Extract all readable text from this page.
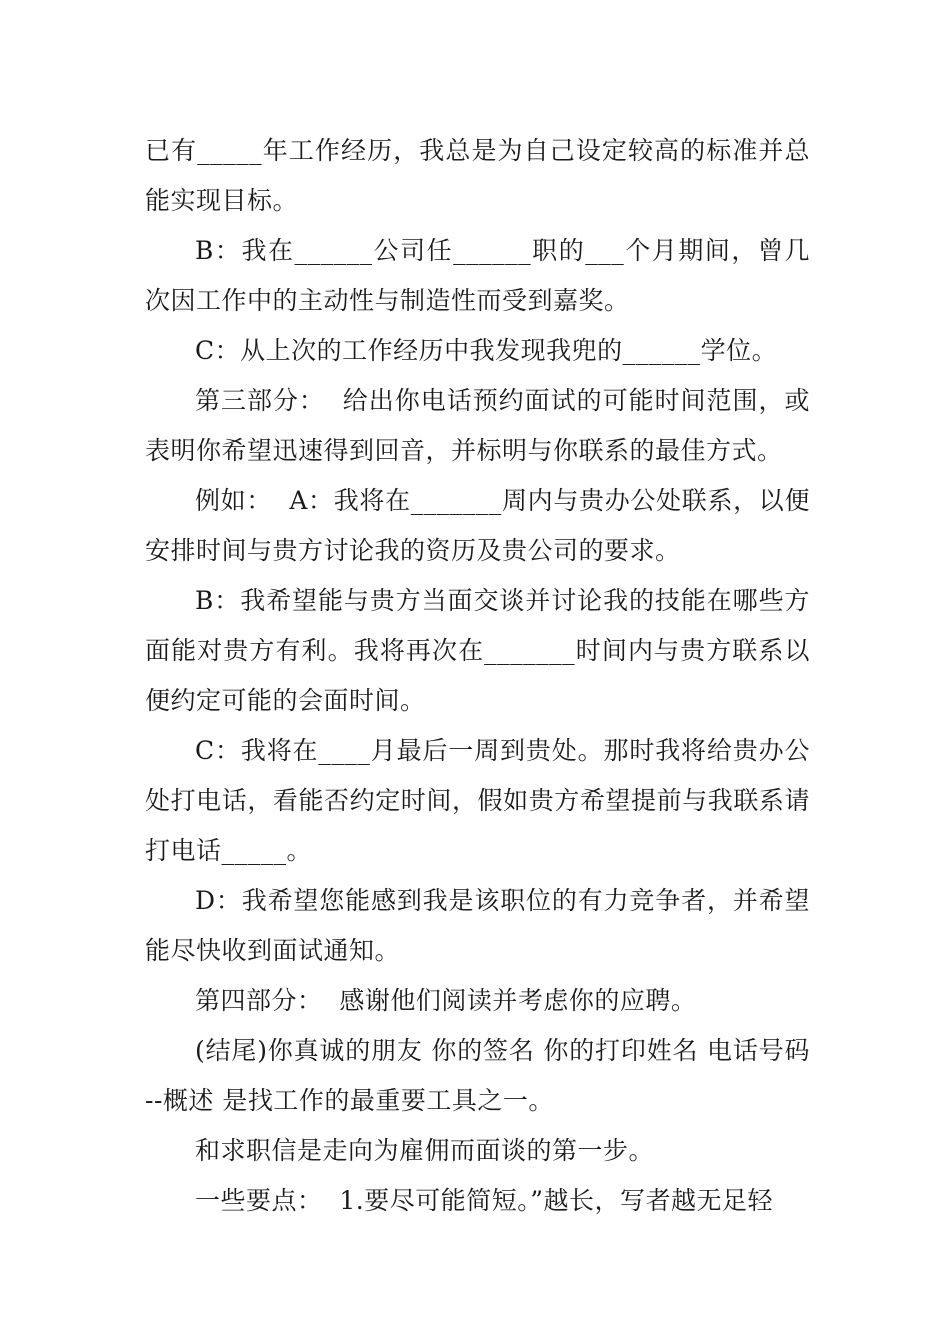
已有_____年工作经历，我总是为自己设定较高的标准并总能实现目标。

B：我在______公司任______职的___个月期间，曾几次因工作中的主动性与制造性而受到嘉奖。

C：从上次的工作经历中我发现我兜的______学位。

第三部分：  给出你电话预约面试的可能时间范围，或表明你希望迅速得到回音，并标明与你联系的最佳方式。

例如：  A：我将在_______周内与贵办公处联系，以便安排时间与贵方讨论我的资历及贵公司的要求。

B：我希望能与贵方当面交谈并讨论我的技能在哪些方面能对贵方有利。我将再次在_______时间内与贵方联系以便约定可能的会面时间。

C：我将在____月最后一周到贵处。那时我将给贵办公处打电话，看能否约定时间，假如贵方希望提前与我联系请打电话_____。

D：我希望您能感到我是该职位的有力竞争者，并希望能尽快收到面试通知。

第四部分：  感谢他们阅读并考虑你的应聘。

(结尾)你真诚的朋友 你的签名 你的打印姓名 电话号码 --概述 是找工作的最重要工具之一。

和求职信是走向为雇佣而面谈的第一步。

一些要点：  1.要尽可能简短。”越长，写者越无足轻
